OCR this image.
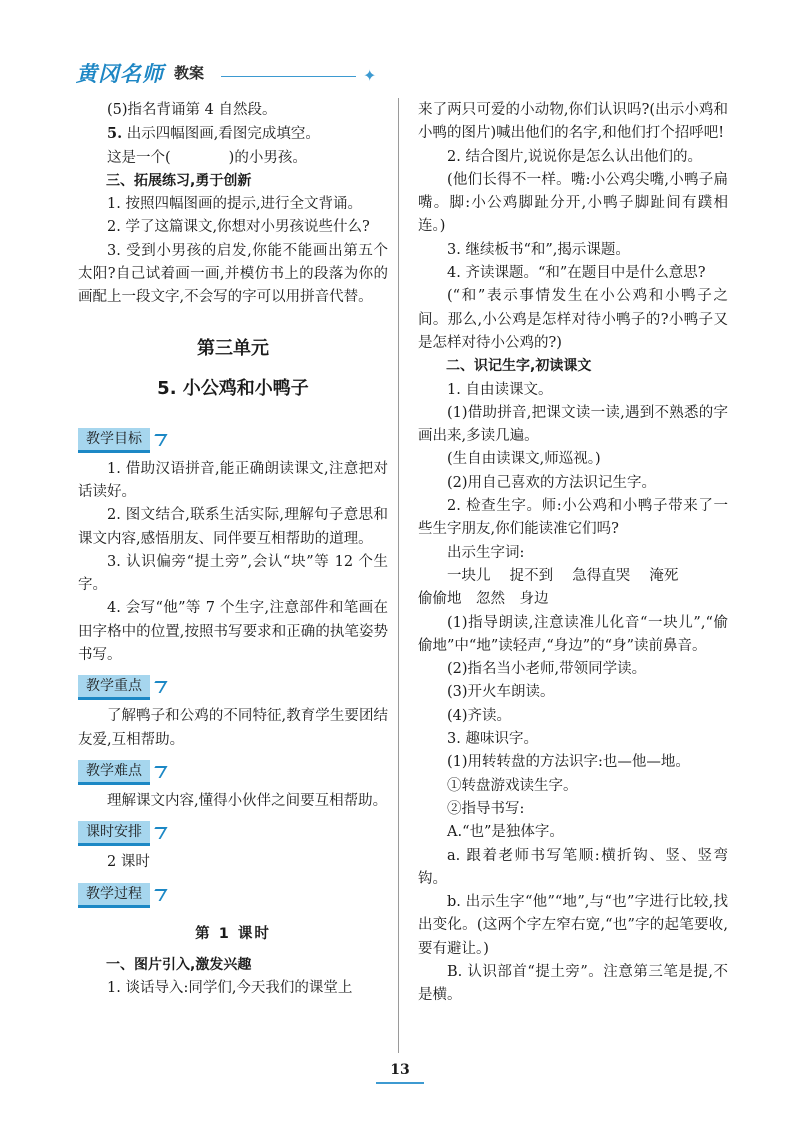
黄冈名师 教案	✦

(5)指名背诵第 4 自然段。

5. 出示四幅图画,看图完成填空。

这是一个(　　　　)的小男孩。

三、拓展练习,勇于创新

1. 按照四幅图画的提示,进行全文背诵。

2. 学了这篇课文,你想对小男孩说些什么?

3. 受到小男孩的启发,你能不能画出第五个太阳?自己试着画一画,并模仿书上的段落为你的画配上一段文字,不会写的字可以用拼音代替。

第三单元
5. 小公鸡和小鸭子
教学目标

1. 借助汉语拼音,能正确朗读课文,注意把对话读好。

2. 图文结合,联系生活实际,理解句子意思和课文内容,感悟朋友、同伴要互相帮助的道理。

3. 认识偏旁“提土旁”,会认“块”等 12 个生字。

4. 会写“他”等 7 个生字,注意部件和笔画在田字格中的位置,按照书写要求和正确的执笔姿势书写。

教学重点

了解鸭子和公鸡的不同特征,教育学生要团结友爱,互相帮助。

教学难点

理解课文内容,懂得小伙伴之间要互相帮助。

课时安排

2 课时

教学过程
第 1 课时

一、图片引入,激发兴趣

1. 谈话导入:同学们,今天我们的课堂上

来了两只可爱的小动物,你们认识吗?(出示小鸡和小鸭的图片)喊出他们的名字,和他们打个招呼吧!

2. 结合图片,说说你是怎么认出他们的。

(他们长得不一样。嘴:小公鸡尖嘴,小鸭子扁嘴。脚:小公鸡脚趾分开,小鸭子脚趾间有蹼相连。)

3. 继续板书“和”,揭示课题。

4. 齐读课题。“和”在题目中是什么意思?

(“和”表示事情发生在小公鸡和小鸭子之间。那么,小公鸡是怎样对待小鸭子的?小鸭子又是怎样对待小公鸡的?)

二、识记生字,初读课文

1. 自由读课文。

(1)借助拼音,把课文读一读,遇到不熟悉的字画出来,多读几遍。

(生自由读课文,师巡视。)

(2)用自己喜欢的方法识记生字。

2. 检查生字。师:小公鸡和小鸭子带来了一些生字朋友,你们能读准它们吗?

出示生字词:

一块儿　 捉不到　 急得直哭　 淹死

偷偷地　忽然　身边

(1)指导朗读,注意读准儿化音“一块儿”,“偷偷地”中“地”读轻声,“身边”的“身”读前鼻音。

(2)指名当小老师,带领同学读。

(3)开火车朗读。

(4)齐读。

3. 趣味识字。

(1)用转转盘的方法识字:也—他—地。

①转盘游戏读生字。

②指导书写:

A.“也”是独体字。

a. 跟着老师书写笔顺:横折钩、竖、竖弯钩。

b. 出示生字“他”“地”,与“也”字进行比较,找出变化。(这两个字左窄右宽,“也”字的起笔要收,要有避让。)

B. 认识部首“提土旁”。注意第三笔是提,不是横。

13
